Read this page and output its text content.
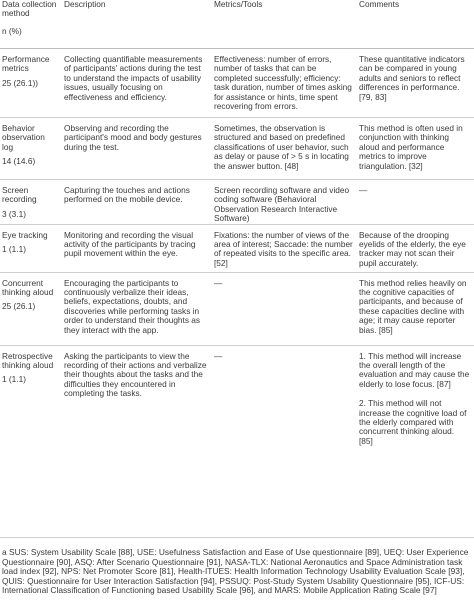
Data collection method
n (%)	Description	Metrics/Tools	Comments

Performance metrics
25 (26.1))	Collecting quantifiable measurements of participants' actions during the test to understand the impacts of usability issues, usually focusing on effectiveness and efficiency.	Effectiveness: number of errors, number of tasks that can be completed successfully; efficiency: task duration, number of times asking for assistance or hints, time spent recovering from errors.	These quantitative indicators can be compared in young adults and seniors to reflect differences in performance. [79, 83]

Behavior observation log
14 (14.6)	Observing and recording the participant's mood and body gestures during the test.	Sometimes, the observation is structured and based on predefined classifications of user behavior, such as delay or pause of > 5 s in locating the answer button. [48]	This method is often used in conjunction with thinking aloud and performance metrics to improve triangulation. [32]

Screen recording
3 (3.1)	Capturing the touches and actions performed on the mobile device.	Screen recording software and video coding software (Behavioral Observation Research Interactive Software)	—

Eye tracking
1 (1.1)	Monitoring and recording the visual activity of the participants by tracing pupil movement within the eye.	Fixations: the number of views of the area of interest; Saccade: the number of repeated visits to the specific area.[52]	Because of the drooping eyelids of the elderly, the eye tracker may not scan their pupil accurately.

Concurrent thinking aloud
25 (26.1)	Encouraging the participants to continuously verbalize their ideas, beliefs, expectations, doubts, and discoveries while performing tasks in order to understand their thoughts as they interact with the app.	—	This method relies heavily on the cognitive capacities of participants, and because of these capacities decline with age; it may cause reporter bias. [85]

Retrospective thinking aloud
1 (1.1)	Asking the participants to view the recording of their actions and verbalize their thoughts about the tasks and the difficulties they encountered in completing the tasks.	—	1. This method will increase the overall length of the evaluation and may cause the elderly to lose focus. [87]
2. This method will not increase the cognitive load of the elderly compared with concurrent thinking aloud. [85]
a SUS: System Usability Scale [88], USE: Usefulness Satisfaction and Ease of Use questionnaire [89], UEQ: User Experience Questionnaire [90], ASQ: After Scenario Questionnaire [91], NASA-TLX: National Aeronautics and Space Administration task load index [92], NPS: Net Promoter Score [81], Health-ITUES: Health Information Technology Usability Evaluation Scale [93], QUIS: Questionnaire for User Interaction Satisfaction [94], PSSUQ: Post-Study System Usability Questionnaire [95], ICF-US: International Classification of Functioning based Usability Scale [96], and MARS: Mobile Application Rating Scale [97]
